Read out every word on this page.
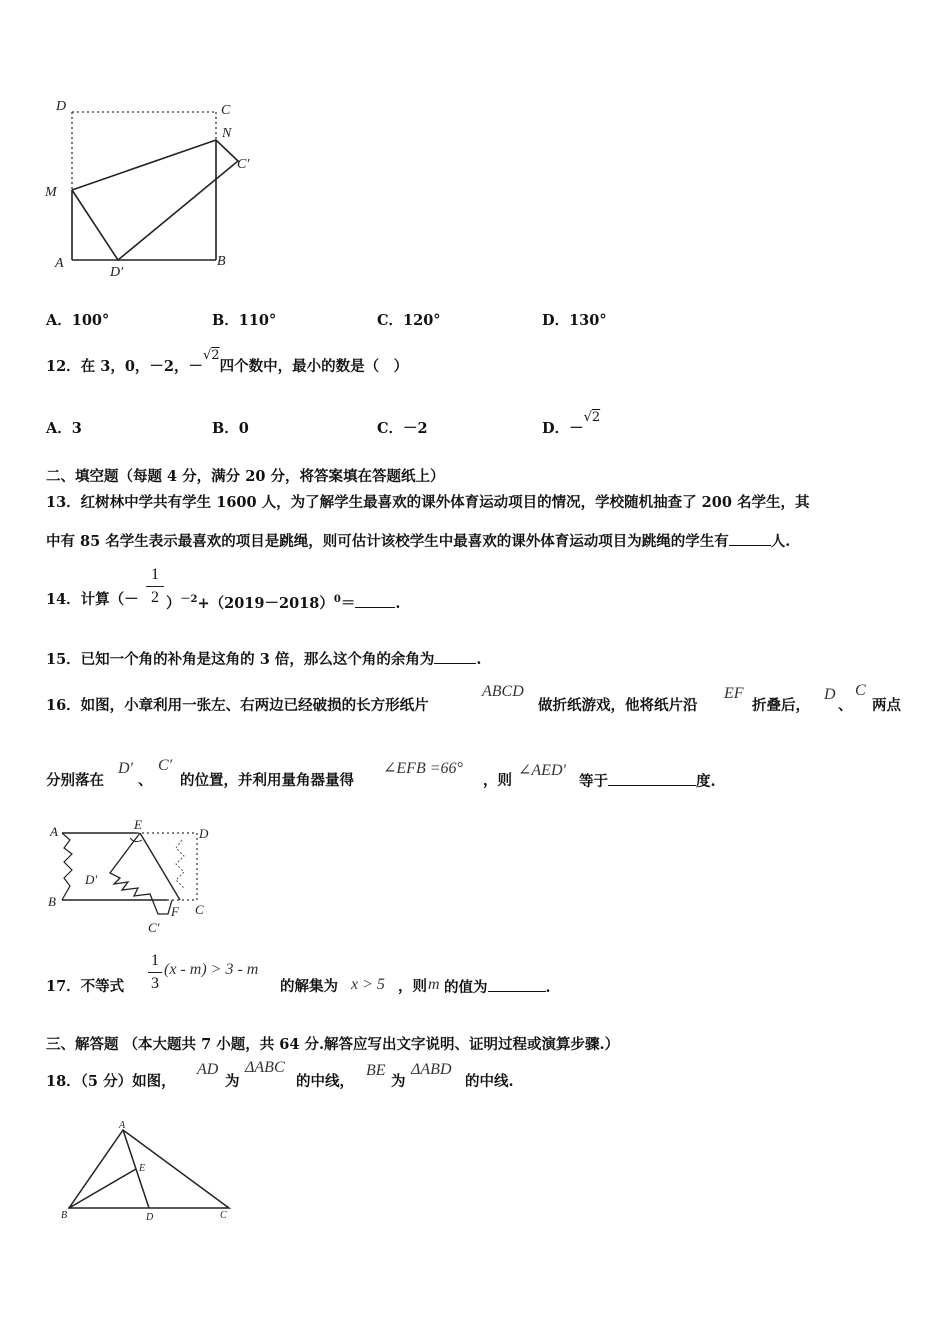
D	C
N
C′
M
A
D′
B
A．100°	B．110°	C．120°	D．130°
12．在 3，0，－2，－√2四个数中，最小的数是（　）
A．3	B．0	C．－2	D．－√2
二、填空题（每题 4 分，满分 20 分，将答案填在答题纸上）
13．红树林中学共有学生 1600 人，为了解学生最喜欢的课外体育运动项目的情况，学校随机抽查了 200 名学生，其
中有 85 名学生表示最喜欢的项目是跳绳，则可估计该校学生中最喜欢的课外体育运动项目为跳绳的学生有	人.
14．计算（－
1
2 ）$^{-2}+(2019-2018)^0=$	.
15．已知一个角的补角是这角的 3 倍，那么这个角的余角为	.
16．如图，小章利用一张左、右两边已经破损的长方形纸片
ABCD
做折纸游戏，他将纸片沿
EF
折叠后，
D
、
C
两点
分别落在
D′
、
C′
的位置，并利用量角器量得
∠EFB =66°
，则
∠AED′
等于	度.
A	E
D
D′
B
F C
C′
17．不等式
1
3
(x - m) > 3 - m
的解集为 x > 5 ，则 m 的值为	.
三、解答题 （本大题共 7 小题，共 64 分.解答应写出文字说明、证明过程或演算步骤.）
18．（5 分）如图，
AD
为
ΔABC
的中线，
BE
为
ΔABD
的中线.
A
E
B	D	C
